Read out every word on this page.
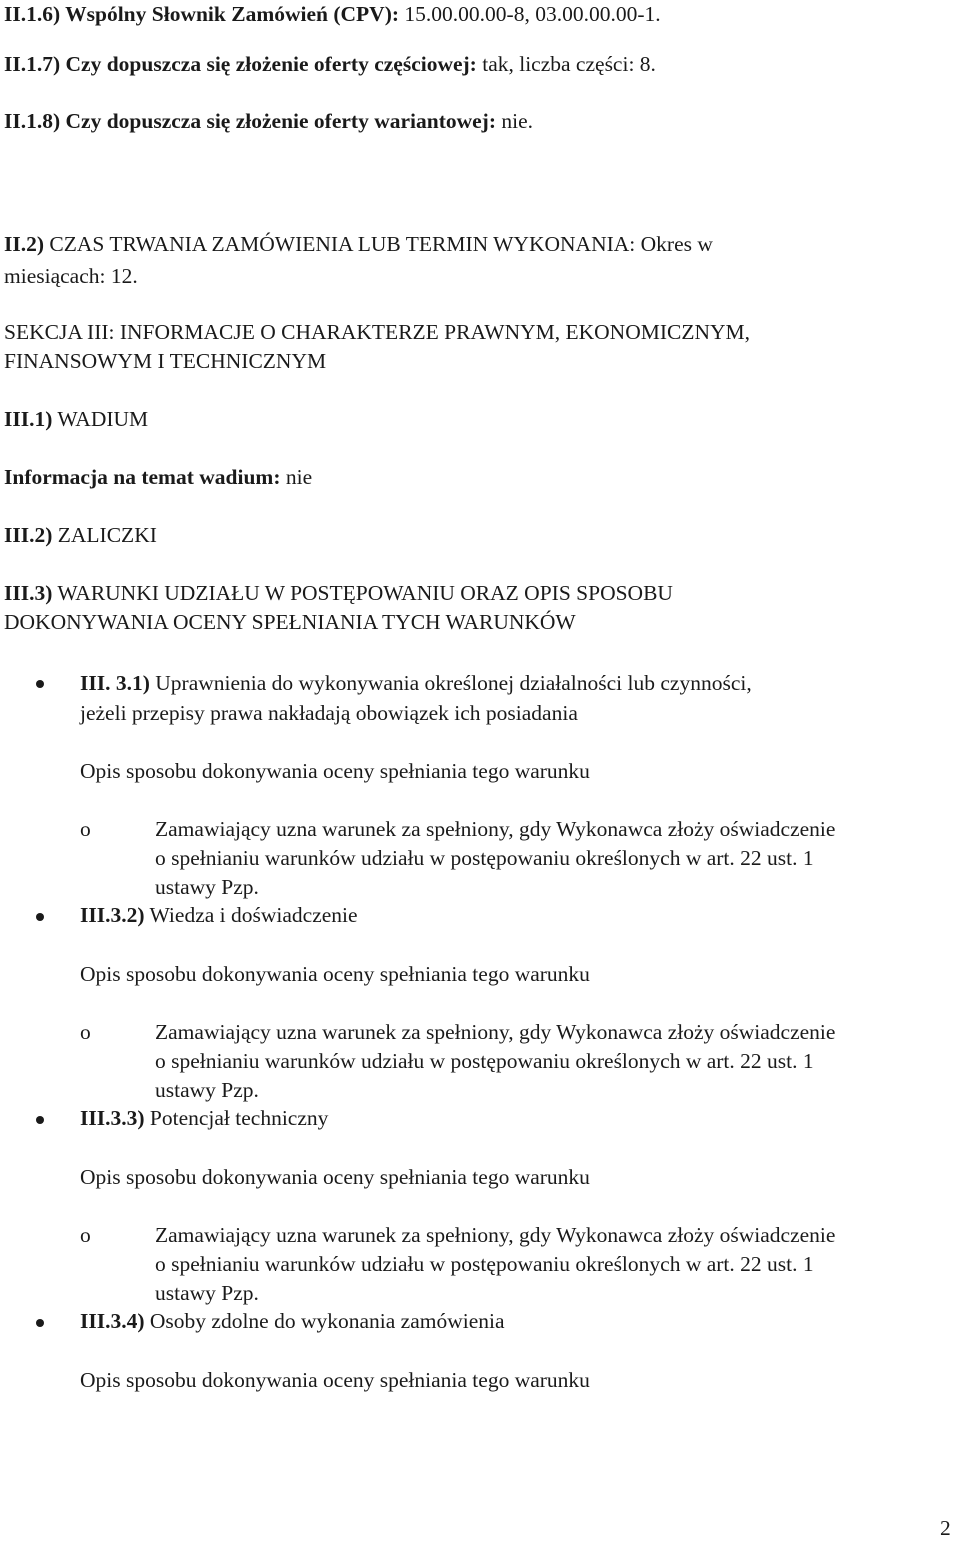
II.1.6) Wspólny Słownik Zamówień (CPV): 15.00.00.00-8, 03.00.00.00-1.
II.1.7) Czy dopuszcza się złożenie oferty częściowej: tak, liczba części: 8.
II.1.8) Czy dopuszcza się złożenie oferty wariantowej: nie.
II.2) CZAS TRWANIA ZAMÓWIENIA LUB TERMIN WYKONANIA: Okres w
miesiącach: 12.
SEKCJA III: INFORMACJE O CHARAKTERZE PRAWNYM, EKONOMICZNYM,
FINANSOWYM I TECHNICZNYM
III.1) WADIUM
Informacja na temat wadium: nie
III.2) ZALICZKI
III.3) WARUNKI UDZIAŁU W POSTĘPOWANIU ORAZ OPIS SPOSOBU
DOKONYWANIA OCENY SPEŁNIANIA TYCH WARUNKÓW
III. 3.1) Uprawnienia do wykonywania określonej działalności lub czynności,
jeżeli przepisy prawa nakładają obowiązek ich posiadania
Opis sposobu dokonywania oceny spełniania tego warunku
o	Zamawiający uzna warunek za spełniony, gdy Wykonawca złoży oświadczenie
o spełnianiu warunków udziału w postępowaniu określonych w art. 22 ust. 1
ustawy Pzp.
III.3.2) Wiedza i doświadczenie
Opis sposobu dokonywania oceny spełniania tego warunku
o	Zamawiający uzna warunek za spełniony, gdy Wykonawca złoży oświadczenie
o spełnianiu warunków udziału w postępowaniu określonych w art. 22 ust. 1
ustawy Pzp.
III.3.3) Potencjał techniczny
Opis sposobu dokonywania oceny spełniania tego warunku
o	Zamawiający uzna warunek za spełniony, gdy Wykonawca złoży oświadczenie
o spełnianiu warunków udziału w postępowaniu określonych w art. 22 ust. 1
ustawy Pzp.
III.3.4) Osoby zdolne do wykonania zamówienia
Opis sposobu dokonywania oceny spełniania tego warunku
2
